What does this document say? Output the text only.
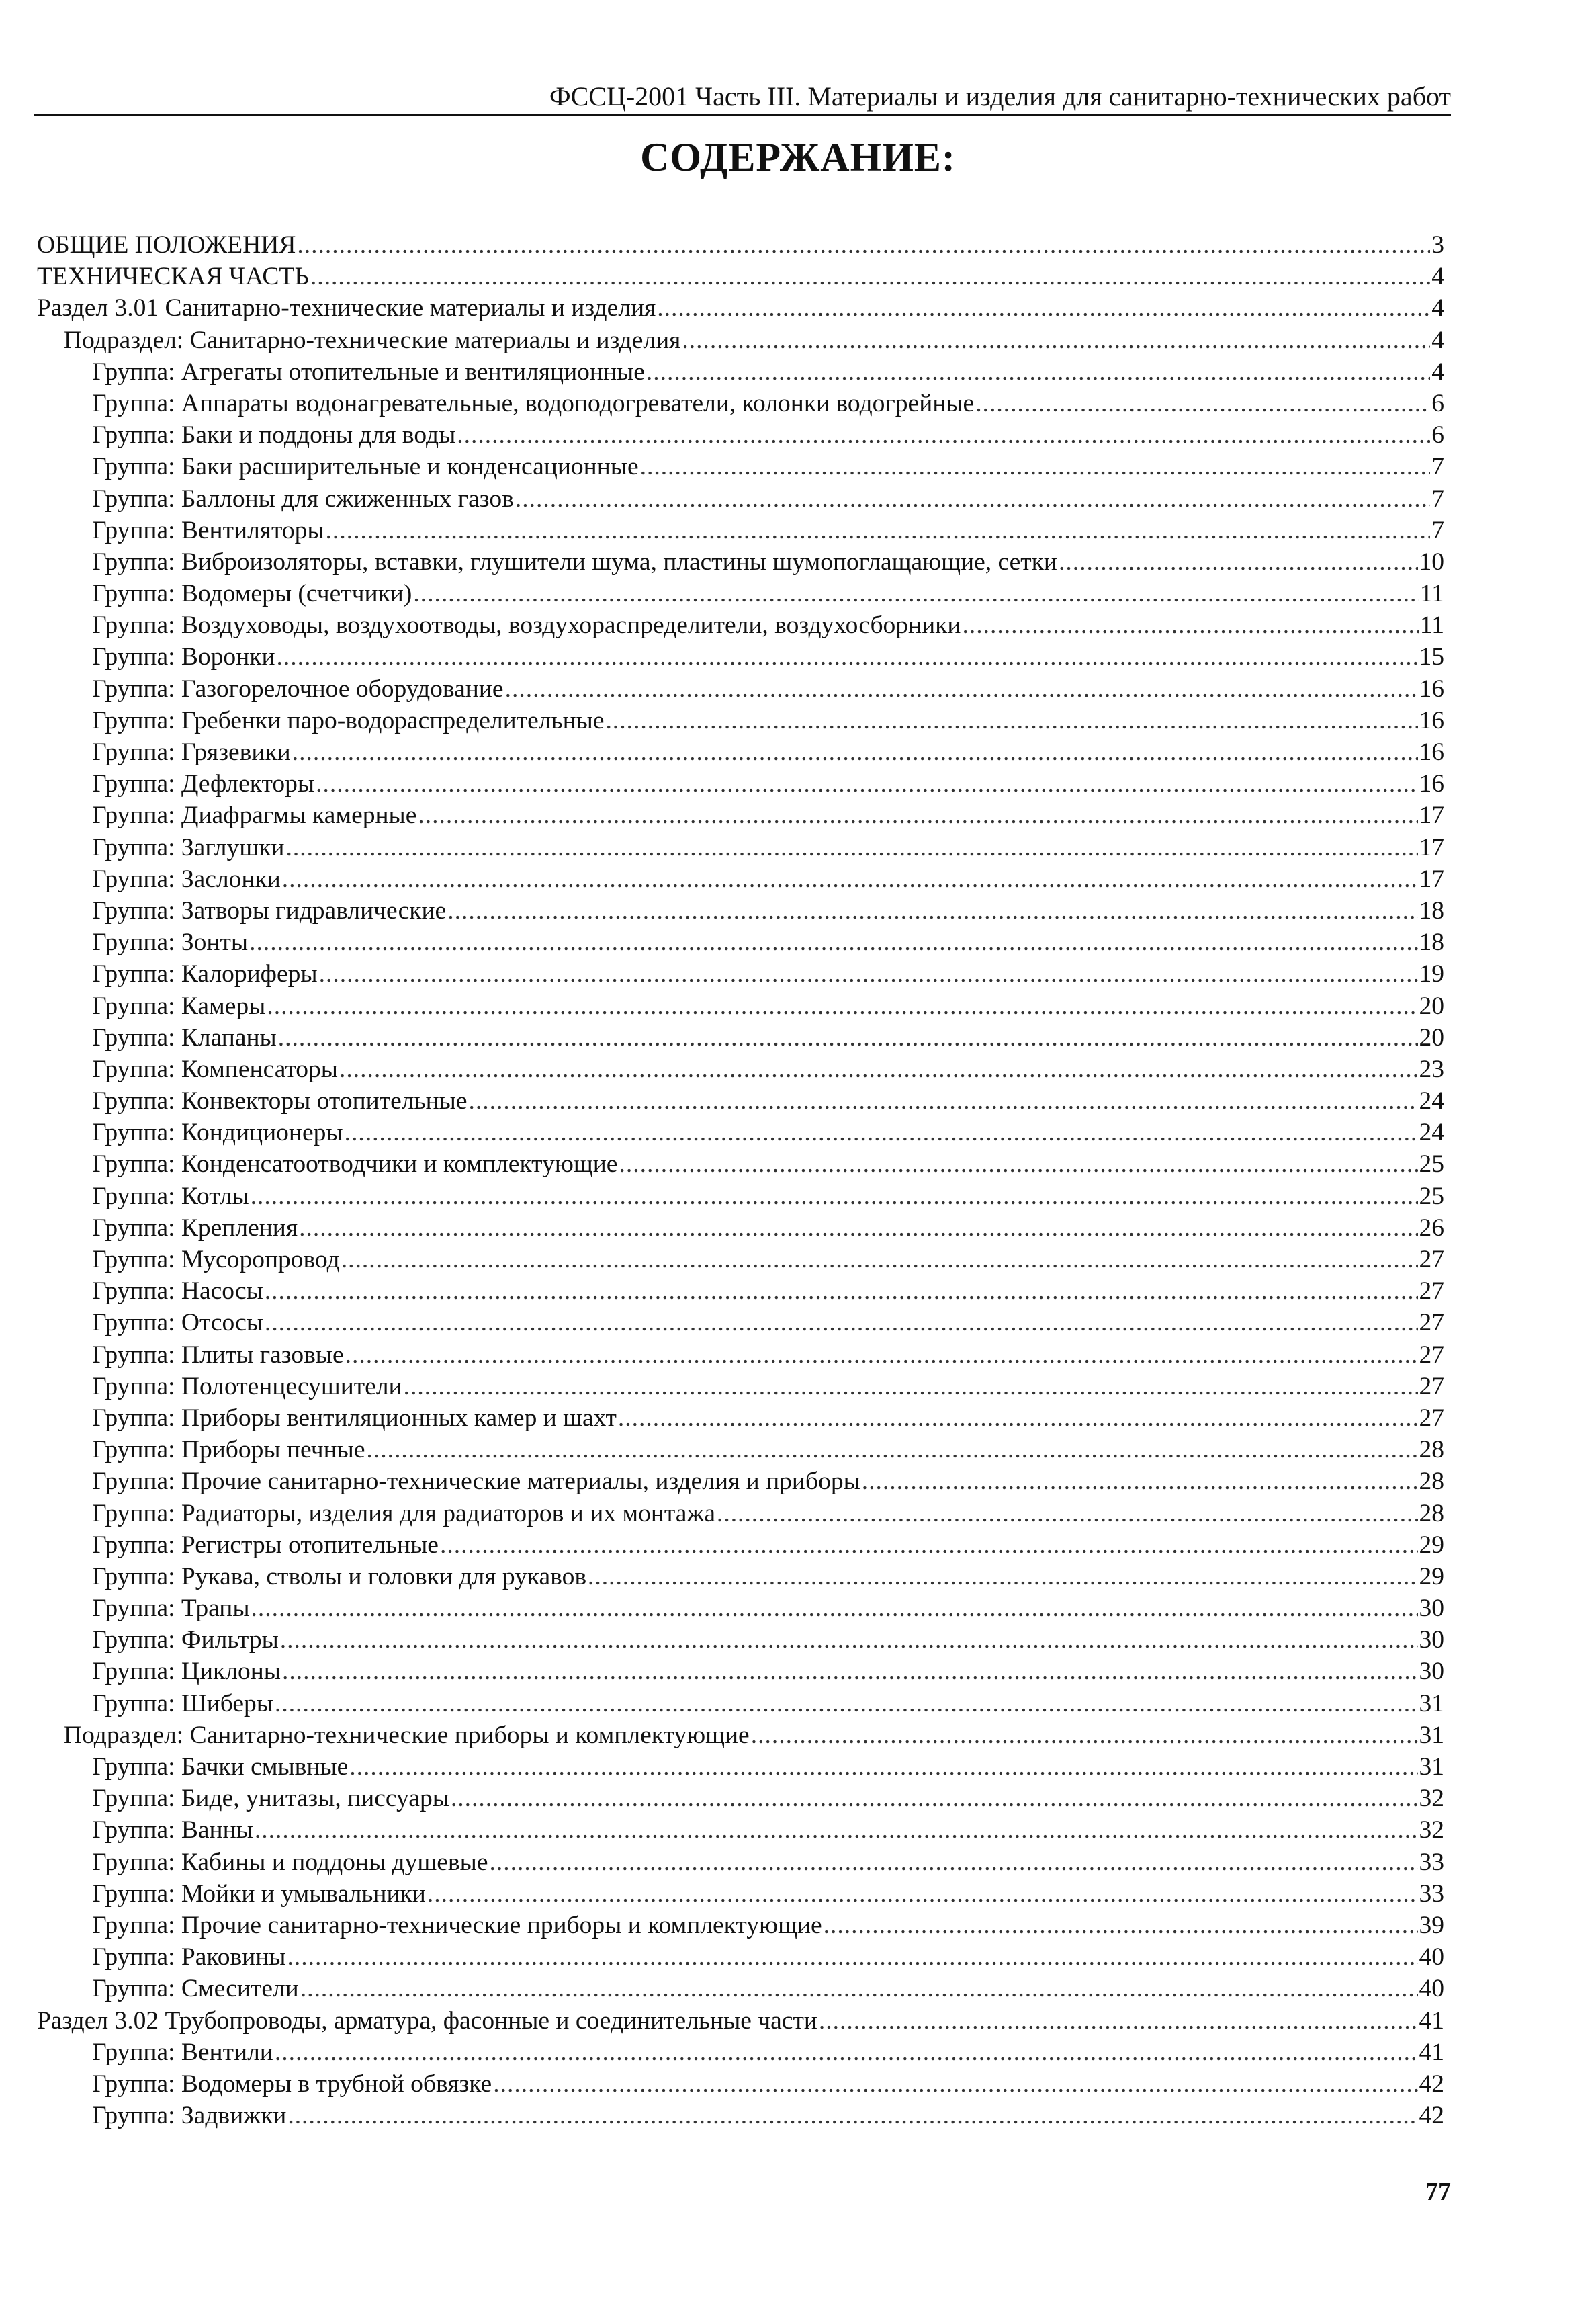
ФССЦ-2001 Часть III. Материалы и изделия для санитарно-технических работ
СОДЕРЖАНИЕ:
ОБЩИЕ ПОЛОЖЕНИЯ .....	3
ТЕХНИЧЕСКАЯ ЧАСТЬ .....	4
Раздел 3.01 Санитарно-технические материалы и изделия .....	4
Подраздел: Санитарно-технические материалы и изделия .....	4
Группа: Агрегаты отопительные и вентиляционные .....	4
Группа: Аппараты водонагревательные, водоподогреватели, колонки водогрейные .....	6
Группа: Баки и поддоны для воды .....	6
Группа: Баки расширительные и конденсационные .....	7
Группа: Баллоны для сжиженных газов .....	7
Группа: Вентиляторы .....	7
Группа: Виброизоляторы, вставки, глушители шума, пластины шумопоглащающие, сетки .....	10
Группа: Водомеры (счетчики) .....	11
Группа: Воздуховоды, воздухоотводы, воздухораспределители, воздухосборники .....	11
Группа: Воронки .....	15
Группа: Газогорелочное оборудование .....	16
Группа: Гребенки паро-водораспределительные .....	16
Группа: Грязевики .....	16
Группа: Дефлекторы .....	16
Группа: Диафрагмы камерные .....	17
Группа: Заглушки .....	17
Группа: Заслонки .....	17
Группа: Затворы гидравлические .....	18
Группа: Зонты .....	18
Группа: Калориферы .....	19
Группа: Камеры .....	20
Группа: Клапаны .....	20
Группа: Компенсаторы .....	23
Группа: Конвекторы отопительные .....	24
Группа: Кондиционеры .....	24
Группа: Конденсатоотводчики и комплектующие .....	25
Группа: Котлы .....	25
Группа: Крепления .....	26
Группа: Мусоропровод .....	27
Группа: Насосы .....	27
Группа: Отсосы .....	27
Группа: Плиты газовые .....	27
Группа: Полотенцесушители .....	27
Группа: Приборы вентиляционных камер и шахт .....	27
Группа: Приборы печные .....	28
Группа: Прочие санитарно-технические материалы, изделия и приборы .....	28
Группа: Радиаторы, изделия для радиаторов и их монтажа .....	28
Группа: Регистры отопительные .....	29
Группа: Рукава, стволы и головки для рукавов .....	29
Группа: Трапы .....	30
Группа: Фильтры .....	30
Группа: Циклоны .....	30
Группа: Шиберы .....	31
Подраздел: Санитарно-технические приборы и комплектующие .....	31
Группа: Бачки смывные .....	31
Группа: Биде, унитазы, писсуары .....	32
Группа: Ванны .....	32
Группа: Кабины и поддоны душевые .....	33
Группа: Мойки и умывальники .....	33
Группа: Прочие санитарно-технические приборы и комплектующие .....	39
Группа: Раковины .....	40
Группа: Смесители .....	40
Раздел 3.02 Трубопроводы, арматура, фасонные и соединительные части .....	41
Группа: Вентили .....	41
Группа: Водомеры в трубной обвязке .....	42
Группа: Задвижки .....	42
77
